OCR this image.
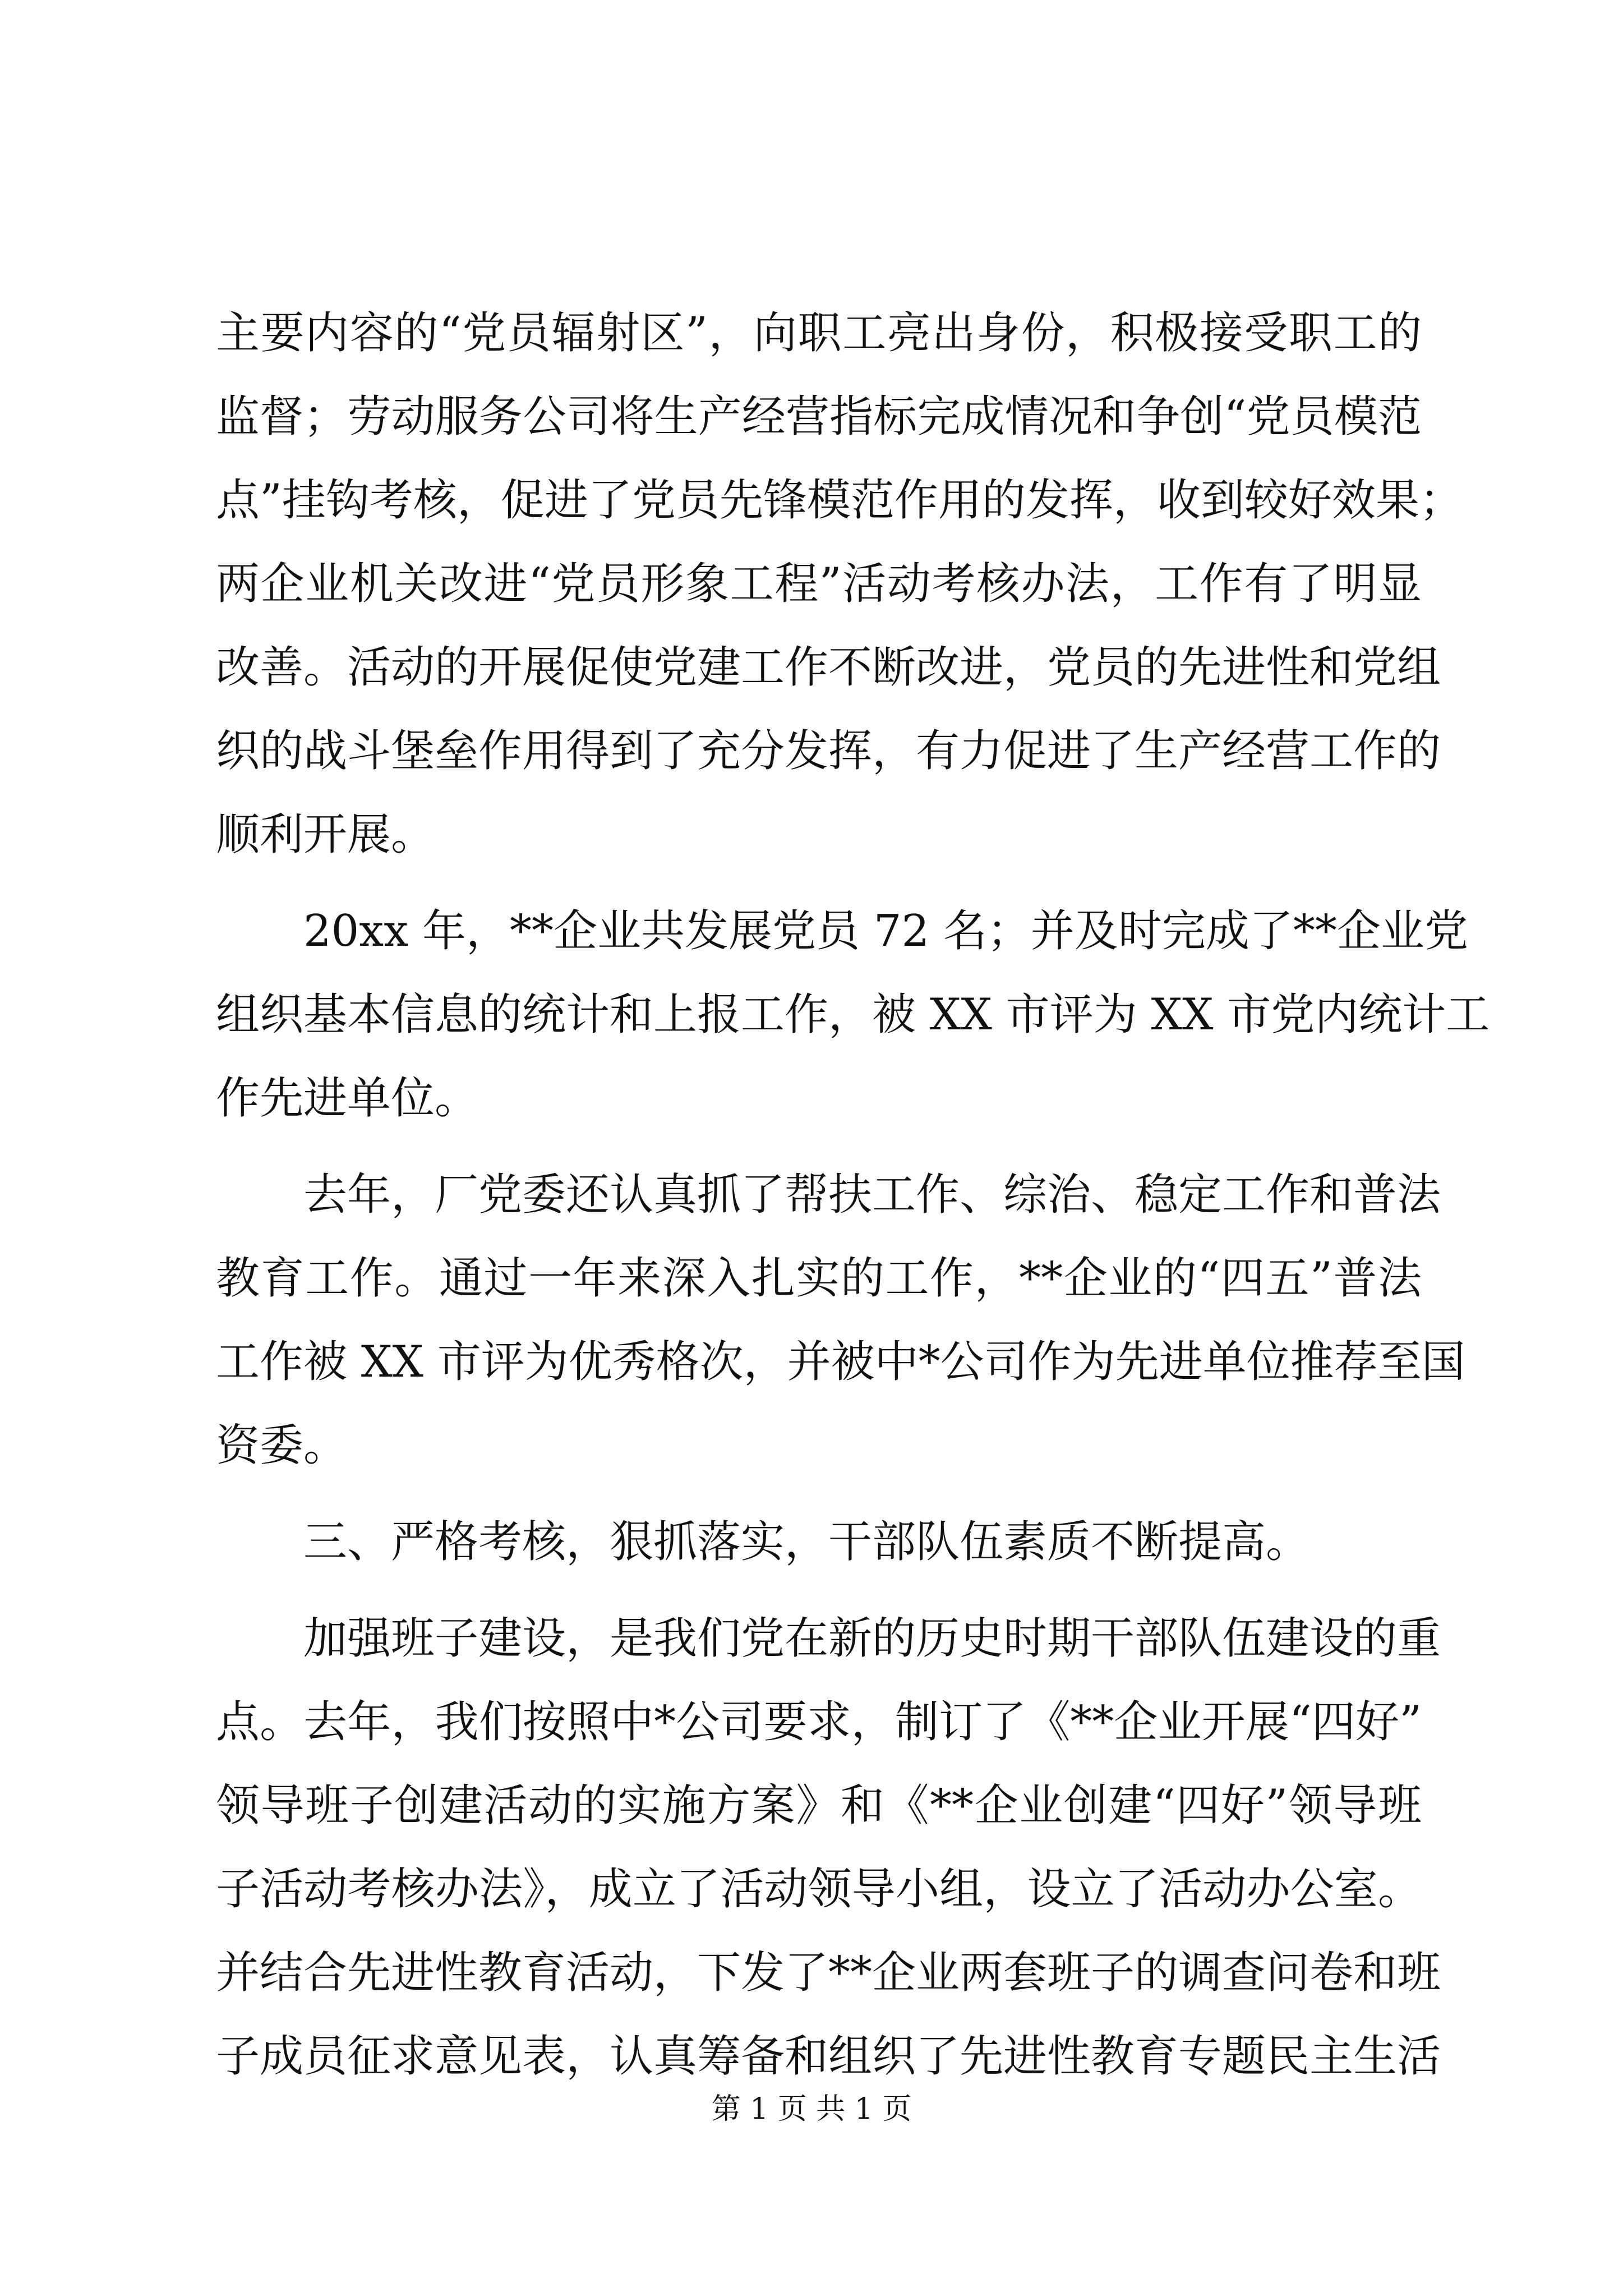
主要内容的“党员辐射区”，向职工亮出身份，积极接受职工的
监督；劳动服务公司将生产经营指标完成情况和争创“党员模范
点”挂钩考核，促进了党员先锋模范作用的发挥，收到较好效果；
两企业机关改进“党员形象工程”活动考核办法，工作有了明显
改善。活动的开展促使党建工作不断改进，党员的先进性和党组
织的战斗堡垒作用得到了充分发挥，有力促进了生产经营工作的
顺利开展。
20xx 年，**企业共发展党员 72 名；并及时完成了**企业党
组织基本信息的统计和上报工作，被 XX 市评为 XX 市党内统计工
作先进单位。
去年，厂党委还认真抓了帮扶工作、综治、稳定工作和普法
教育工作。通过一年来深入扎实的工作，**企业的“四五”普法
工作被 XX 市评为优秀格次，并被中*公司作为先进单位推荐至国
资委。
三、严格考核，狠抓落实，干部队伍素质不断提高。
加强班子建设，是我们党在新的历史时期干部队伍建设的重
点。去年，我们按照中*公司要求，制订了《**企业开展“四好”
领导班子创建活动的实施方案》和《**企业创建“四好”领导班
子活动考核办法》，成立了活动领导小组，设立了活动办公室。
并结合先进性教育活动，下发了**企业两套班子的调查问卷和班
子成员征求意见表，认真筹备和组织了先进性教育专题民主生活
第 1 页 共 1 页
